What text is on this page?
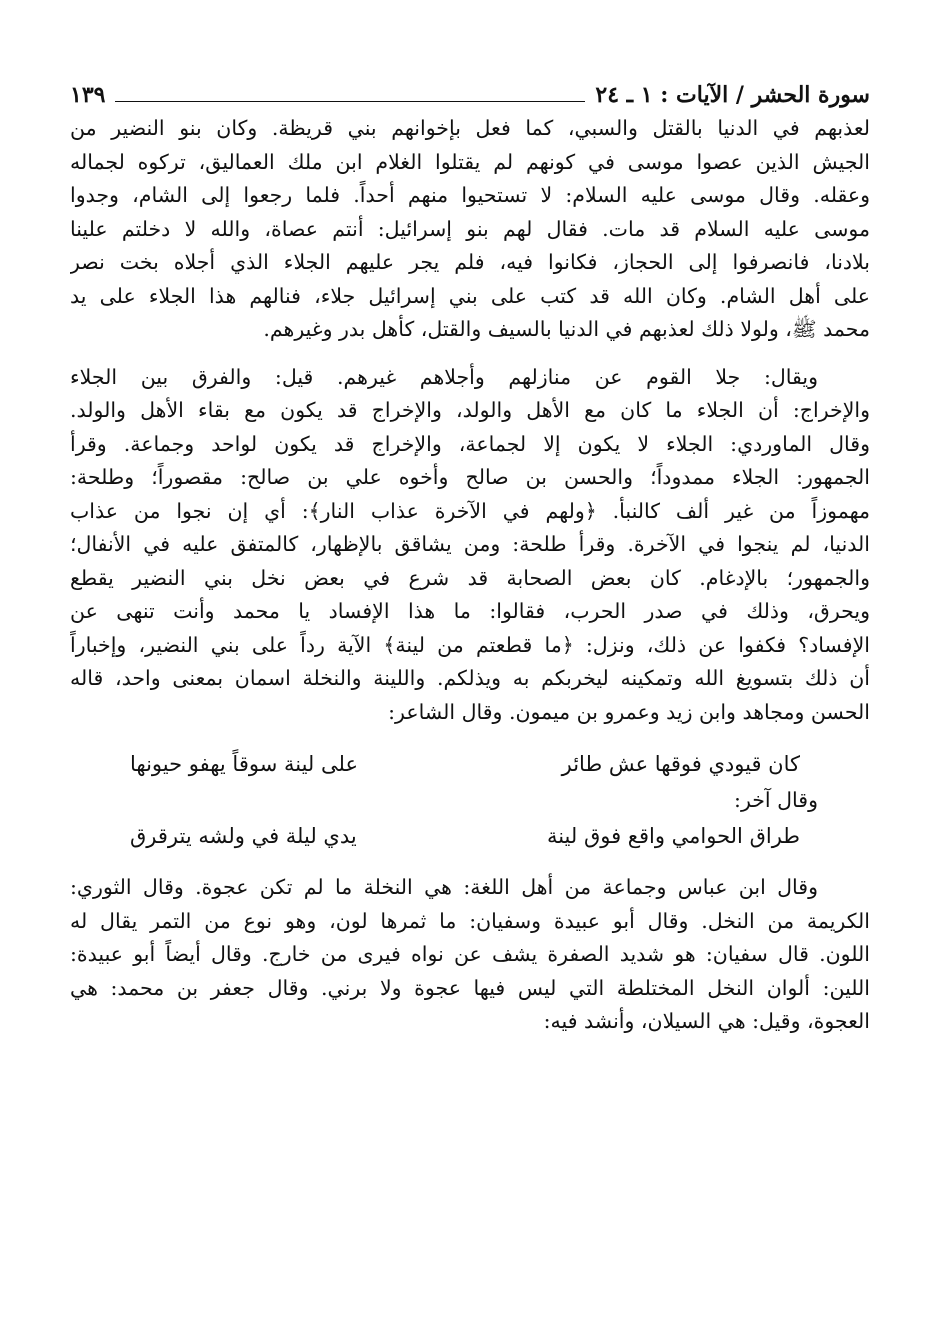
سورة الحشر / الآيات : ١ ـ ٢٤
١٣٩
لعذبهم في الدنيا بالقتل والسبي، كما فعل بإخوانهم بني قريظة. وكان بنو النضير من
الجيش الذين عصوا موسى في كونهم لم يقتلوا الغلام ابن ملك العماليق، تركوه لجماله
وعقله. وقال موسى عليه السلام: لا تستحيوا منهم أحداً. فلما رجعوا إلى الشام، وجدوا
موسى عليه السلام قد مات. فقال لهم بنو إسرائيل: أنتم عصاة، والله لا دخلتم علينا
بلادنا، فانصرفوا إلى الحجاز، فكانوا فيه، فلم يجر عليهم الجلاء الذي أجلاه بخت نصر
على أهل الشام. وكان الله قد كتب على بني إسرائيل جلاء، فنالهم هذا الجلاء على يد
محمد ﷺ، ولولا ذلك لعذبهم في الدنيا بالسيف والقتل، كأهل بدر وغيرهم.
ويقال: جلا القوم عن منازلهم وأجلاهم غيرهم. قيل: والفرق بين الجلاء
والإخراج: أن الجلاء ما كان مع الأهل والولد، والإخراج قد يكون مع بقاء الأهل والولد.
وقال الماوردي: الجلاء لا يكون إلا لجماعة، والإخراج قد يكون لواحد وجماعة. وقرأ
الجمهور: الجلاء ممدوداً؛ والحسن بن صالح وأخوه علي بن صالح: مقصوراً؛ وطلحة:
مهموزاً من غير ألف كالنبأ. ﴿ولهم في الآخرة عذاب النار﴾: أي إن نجوا من عذاب
الدنيا، لم ينجوا في الآخرة. وقرأ طلحة: ومن يشاقق بالإظهار، كالمتفق عليه في الأنفال؛
والجمهور؛ بالإدغام. كان بعض الصحابة قد شرع في بعض نخل بني النضير يقطع
ويحرق، وذلك في صدر الحرب، فقالوا: ما هذا الإفساد يا محمد وأنت تنهى عن
الإفساد؟ فكفوا عن ذلك، ونزل: ﴿ما قطعتم من لينة﴾ الآية رداً على بني النضير، وإخباراً
أن ذلك بتسويغ الله وتمكينه ليخربكم به ويذلكم. واللينة والنخلة اسمان بمعنى واحد، قاله
الحسن ومجاهد وابن زيد وعمرو بن ميمون. وقال الشاعر:
كان قيودي فوقها عش طائر
على لينة سوقاً يهفو حيونها
وقال آخر:
طراق الحوامي واقع فوق لينة
يدي ليلة في ولشه يترقرق
وقال ابن عباس وجماعة من أهل اللغة: هي النخلة ما لم تكن عجوة. وقال الثوري:
الكريمة من النخل. وقال أبو عبيدة وسفيان: ما ثمرها لون، وهو نوع من التمر يقال له
اللون. قال سفيان: هو شديد الصفرة يشف عن نواه فيرى من خارج. وقال أيضاً أبو عبيدة:
اللين: ألوان النخل المختلطة التي ليس فيها عجوة ولا برني. وقال جعفر بن محمد: هي
العجوة، وقيل: هي السيلان، وأنشد فيه:
